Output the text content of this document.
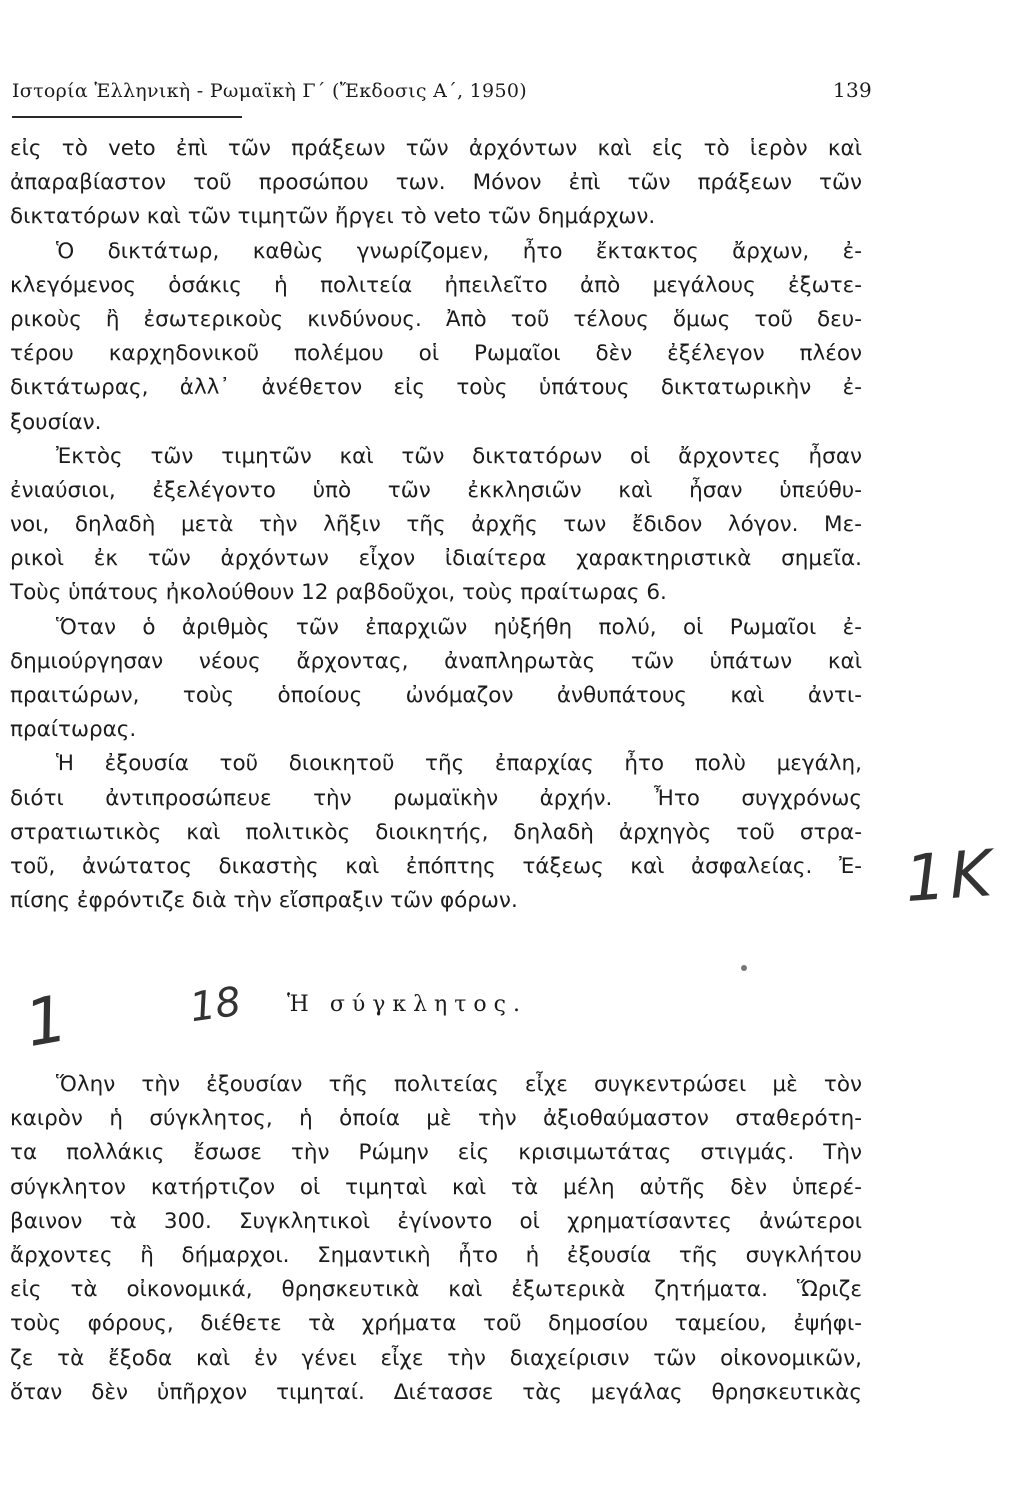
Ιστορία Ἑλληνικὴ - Ρωμαϊκὴ Γ΄ (Ἔκδοσις Α΄, 1950)	139
εἰς τὸ veto ἐπὶ τῶν πράξεων τῶν ἀρχόντων καὶ εἰς τὸ ἱερὸν καὶ
ἀπαραβίαστον τοῦ προσώπου των. Μόνον ἐπὶ τῶν πράξεων τῶν
δικτατόρων καὶ τῶν τιμητῶν ἤργει τὸ veto τῶν δημάρχων.
Ὁ δικτάτωρ, καθὼς γνωρίζομεν, ἦτο ἔκτακτος ἄρχων, ἐ-
κλεγόμενος ὁσάκις ἡ πολιτεία ἠπειλεῖτο ἀπὸ μεγάλους ἐξωτε-
ρικοὺς ἢ ἐσωτερικοὺς κινδύνους. Ἀπὸ τοῦ τέλους ὅμως τοῦ δευ-
τέρου καρχηδονικοῦ πολέμου οἱ Ρωμαῖοι δὲν ἐξέλεγον πλέον
δικτάτωρας, ἀλλ᾽ ἀνέθετον εἰς τοὺς ὑπάτους δικτατωρικὴν ἐ-
ξουσίαν.
Ἐκτὸς τῶν τιμητῶν καὶ τῶν δικτατόρων οἱ ἄρχοντες ἦσαν
ἐνιαύσιοι, ἐξελέγοντο ὑπὸ τῶν ἐκκλησιῶν καὶ ἦσαν ὑπεύθυ-
νοι, δηλαδὴ μετὰ τὴν λῆξιν τῆς ἀρχῆς των ἔδιδον λόγον. Με-
ρικοὶ ἐκ τῶν ἀρχόντων εἶχον ἰδιαίτερα χαρακτηριστικὰ σημεῖα.
Τοὺς ὑπάτους ἠκολούθουν 12 ραβδοῦχοι, τοὺς πραίτωρας 6.
Ὅταν ὁ ἀριθμὸς τῶν ἐπαρχιῶν ηὐξήθη πολύ, οἱ Ρωμαῖοι ἐ-
δημιούργησαν νέους ἄρχοντας, ἀναπληρωτὰς τῶν ὑπάτων καὶ
πραιτώρων, τοὺς ὁποίους ὠνόμαζον ἀνθυπάτους καὶ ἀντι-
πραίτωρας.
Ἡ ἐξουσία τοῦ διοικητοῦ τῆς ἐπαρχίας ἦτο πολὺ μεγάλη,
διότι ἀντιπροσώπευε τὴν ρωμαϊκὴν ἀρχήν. Ἦτο συγχρόνως
στρατιωτικὸς καὶ πολιτικὸς διοικητής, δηλαδὴ ἀρχηγὸς τοῦ στρα-
τοῦ, ἀνώτατος δικαστὴς καὶ ἐπόπτης τάξεως καὶ ἀσφαλείας. Ἐ-
πίσης ἐφρόντιζε διὰ τὴν εἴσπραξιν τῶν φόρων.
Ἡ σύγκλητος.
Ὅλην τὴν ἐξουσίαν τῆς πολιτείας εἶχε συγκεντρώσει μὲ τὸν
καιρὸν ἡ σύγκλητος, ἡ ὁποία μὲ τὴν ἀξιοθαύμαστον σταθερότη-
τα πολλάκις ἔσωσε τὴν Ρώμην εἰς κρισιμωτάτας στιγμάς. Τὴν
σύγκλητον κατήρτιζον οἱ τιμηταὶ καὶ τὰ μέλη αὐτῆς δὲν ὑπερέ-
βαινον τὰ 300. Συγκλητικοὶ ἐγίνοντο οἱ χρηματίσαντες ἀνώτεροι
ἄρχοντες ἢ δήμαρχοι. Σημαντικὴ ἦτο ἡ ἐξουσία τῆς συγκλήτου
εἰς τὰ οἰκονομικά, θρησκευτικὰ καὶ ἐξωτερικὰ ζητήματα. Ὥριζε
τοὺς φόρους, διέθετε τὰ χρήματα τοῦ δημοσίου ταμείου, ἐψήφι-
ζε τὰ ἔξοδα καὶ ἐν γένει εἶχε τὴν διαχείρισιν τῶν οἰκονομικῶν,
ὅταν δὲν ὑπῆρχον τιμηταί. Διέτασσε τὰς μεγάλας θρησκευτικὰς
1K
18
1
